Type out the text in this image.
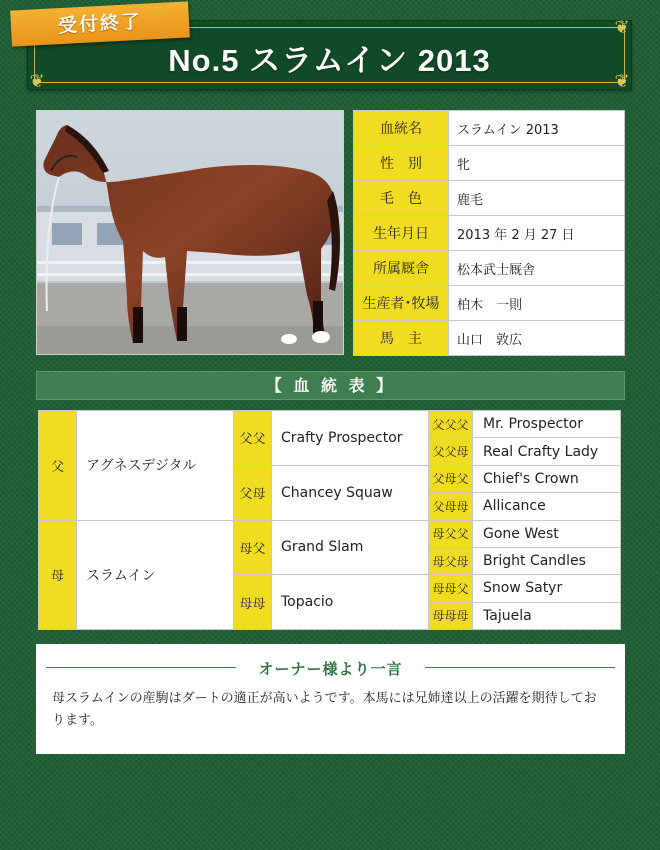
❦
❦	❦
No.5 スラムイン 2013
受付終了
血統名	スラムイン 2013
性　別	牝
毛　色	鹿毛
生年月日	2013 年 2 月 27 日
所属厩舎	松本武士厩舎
生産者･牧場	柏木　一則
馬　主	山口　敦広
【 血 統 表 】
父	アグネスデジタル	父父	Crafty Prospector	父父父	Mr. Prospector
				父父母	Real Crafty Lady
		父母	Chancey Squaw	父母父	Chief's Crown
				父母母	Allicance
母	スラムイン	母父	Grand Slam	母父父	Gone West
				母父母	Bright Candles
		母母	Topacio	母母父	Snow Satyr
				母母母	Tajuela
オーナー様より一言
母スラムインの産駒はダートの適正が高いようです。本馬には兄姉達以上の活躍を期待しております。
